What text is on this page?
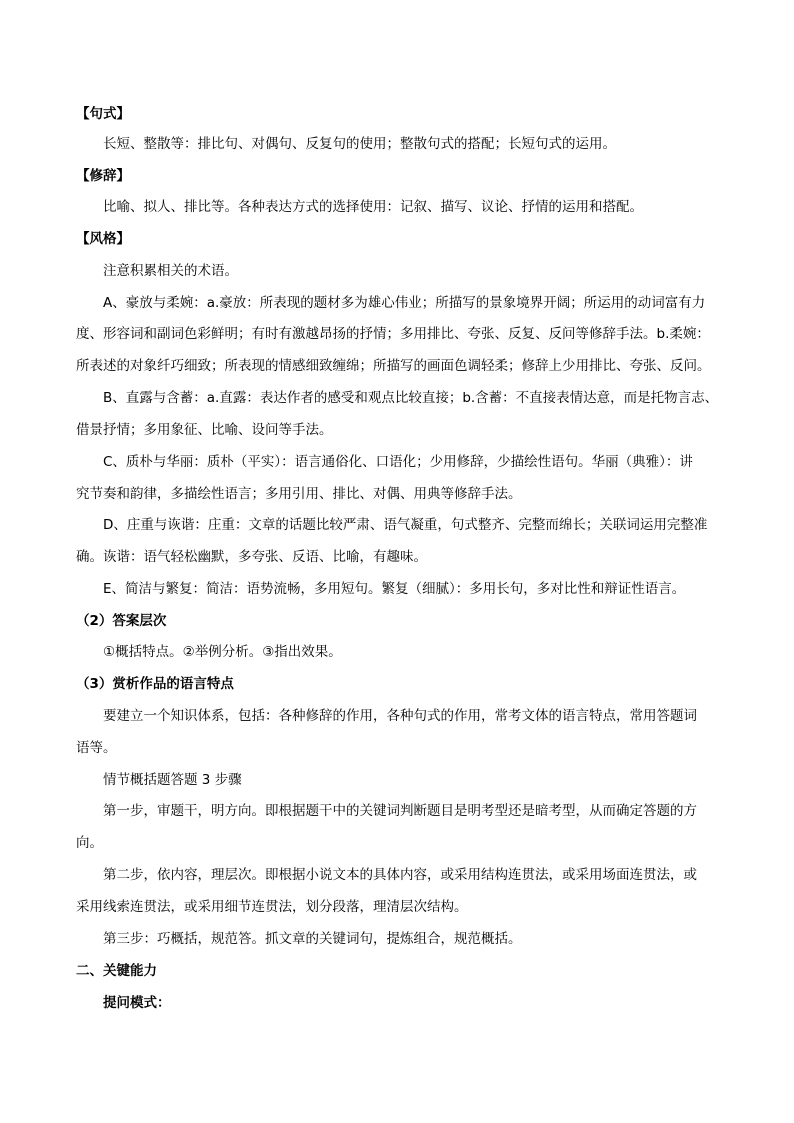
【句式】
长短、整散等：排比句、对偶句、反复句的使用；整散句式的搭配；长短句式的运用。
【修辞】
比喻、拟人、排比等。各种表达方式的选择使用：记叙、描写、议论、抒情的运用和搭配。
【风格】
注意积累相关的术语。
A、豪放与柔婉：a.豪放：所表现的题材多为雄心伟业；所描写的景象境界开阔；所运用的动词富有力
度、形容词和副词色彩鲜明；有时有激越昂扬的抒情；多用排比、夸张、反复、反问等修辞手法。b.柔婉：
所表述的对象纤巧细致；所表现的情感细致缠绵；所描写的画面色调轻柔；修辞上少用排比、夸张、反问。
B、直露与含蓄：a.直露：表达作者的感受和观点比较直接；b.含蓄：不直接表情达意，而是托物言志、
借景抒情；多用象征、比喻、设问等手法。
C、质朴与华丽：质朴（平实）：语言通俗化、口语化；少用修辞，少描绘性语句。华丽（典雅）：讲
究节奏和韵律，多描绘性语言；多用引用、排比、对偶、用典等修辞手法。
D、庄重与诙谐：庄重：文章的话题比较严肃、语气凝重，句式整齐、完整而绵长；关联词运用完整准
确。诙谐：语气轻松幽默，多夸张、反语、比喻，有趣味。
E、简洁与繁复：简洁：语势流畅，多用短句。繁复（细腻）：多用长句，多对比性和辩证性语言。
（2）答案层次
①概括特点。②举例分析。③指出效果。
（3）赏析作品的语言特点
要建立一个知识体系，包括：各种修辞的作用，各种句式的作用，常考文体的语言特点，常用答题词
语等。
情节概括题答题 3 步骤
第一步，审题干，明方向。即根据题干中的关键词判断题目是明考型还是暗考型，从而确定答题的方
向。
第二步，依内容，理层次。即根据小说文本的具体内容，或采用结构连贯法，或采用场面连贯法，或
采用线索连贯法，或采用细节连贯法，划分段落，理清层次结构。
第三步：巧概括，规范答。抓文章的关键词句，提炼组合，规范概括。
二、关键能力
提问模式：
